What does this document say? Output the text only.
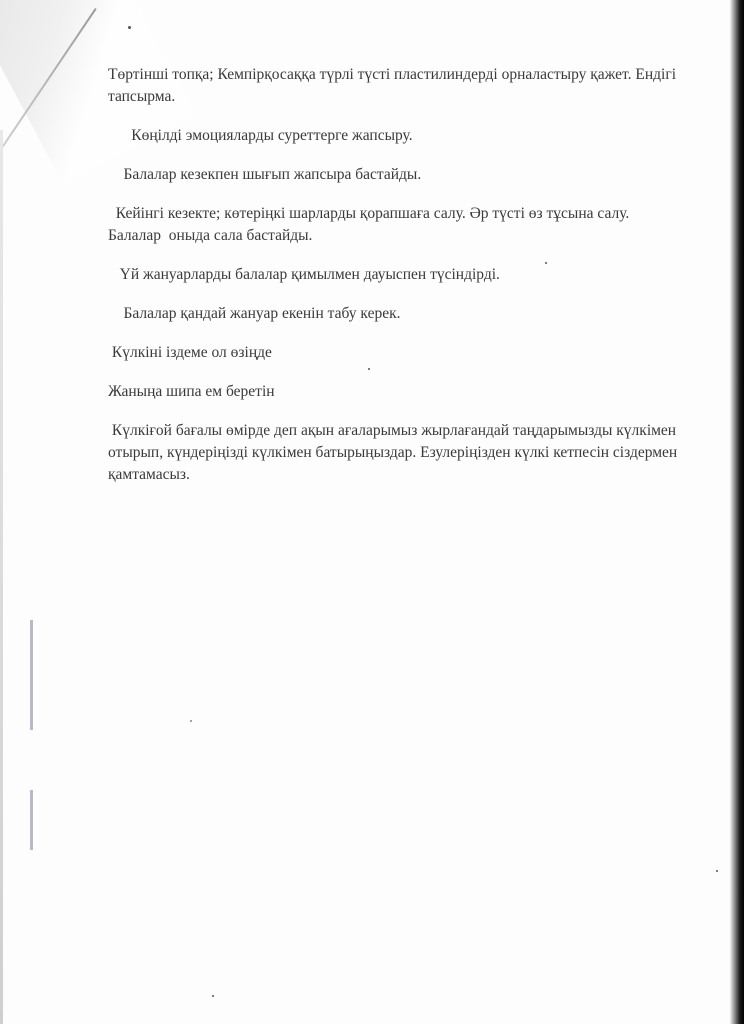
Төртінші топқа; Кемпірқосаққа түрлі түсті пластилиндерді орналастыру қажет. Ендігі тапсырма.

Көңілді эмоцияларды суреттерге жапсыру.

Балалар кезекпен шығып жапсыра бастайды.

Кейінгі кезекте; көтеріңкі шарларды қорапшаға салу. Әр түсті өз тұсына салу.  Балалар  оныда сала бастайды.

Үй жануарларды балалар қимылмен дауыспен түсіндірді.

Балалар қандай жануар екенін табу керек.

Күлкіні іздеме ол өзіңде

Жаныңа шипа ем беретін

Күлкіғой бағалы өмірде деп ақын ағаларымыз жырлағандай таңдарымызды күлкімен отырып, күндеріңізді күлкімен батырыңыздар. Езулеріңізден күлкі кетпесін сіздермен қамтамасыз.
